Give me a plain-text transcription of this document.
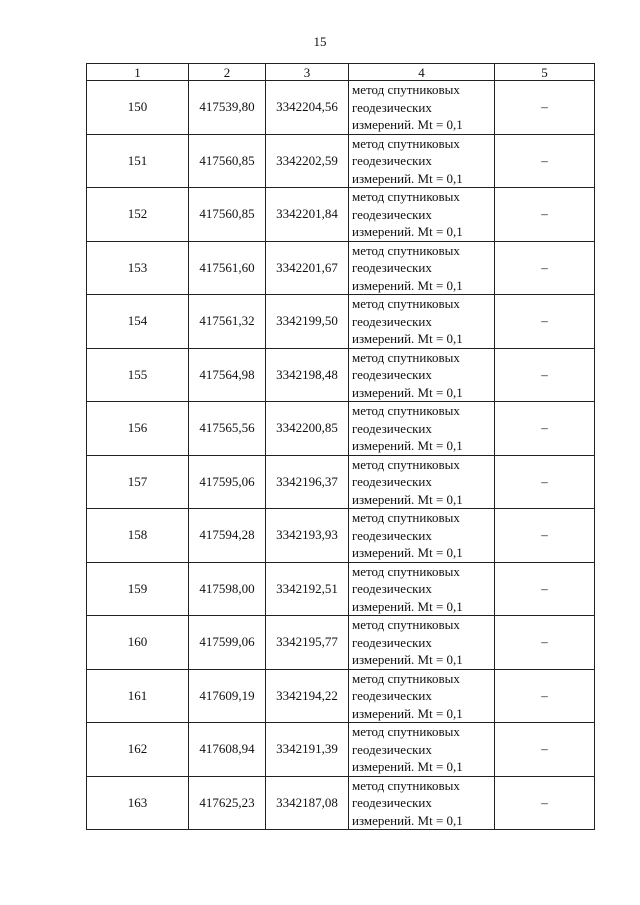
15
1	2	3	4	5
150	417539,80	3342204,56	метод спутниковых
геодезических
измерений. Mt = 0,1	–
151	417560,85	3342202,59	метод спутниковых
геодезических
измерений. Mt = 0,1	–
152	417560,85	3342201,84	метод спутниковых
геодезических
измерений. Mt = 0,1	–
153	417561,60	3342201,67	метод спутниковых
геодезических
измерений. Mt = 0,1	–
154	417561,32	3342199,50	метод спутниковых
геодезических
измерений. Mt = 0,1	–
155	417564,98	3342198,48	метод спутниковых
геодезических
измерений. Mt = 0,1	–
156	417565,56	3342200,85	метод спутниковых
геодезических
измерений. Mt = 0,1	–
157	417595,06	3342196,37	метод спутниковых
геодезических
измерений. Mt = 0,1	–
158	417594,28	3342193,93	метод спутниковых
геодезических
измерений. Mt = 0,1	–
159	417598,00	3342192,51	метод спутниковых
геодезических
измерений. Mt = 0,1	–
160	417599,06	3342195,77	метод спутниковых
геодезических
измерений. Mt = 0,1	–
161	417609,19	3342194,22	метод спутниковых
геодезических
измерений. Mt = 0,1	–
162	417608,94	3342191,39	метод спутниковых
геодезических
измерений. Mt = 0,1	–
163	417625,23	3342187,08	метод спутниковых
геодезических
измерений. Mt = 0,1	–
